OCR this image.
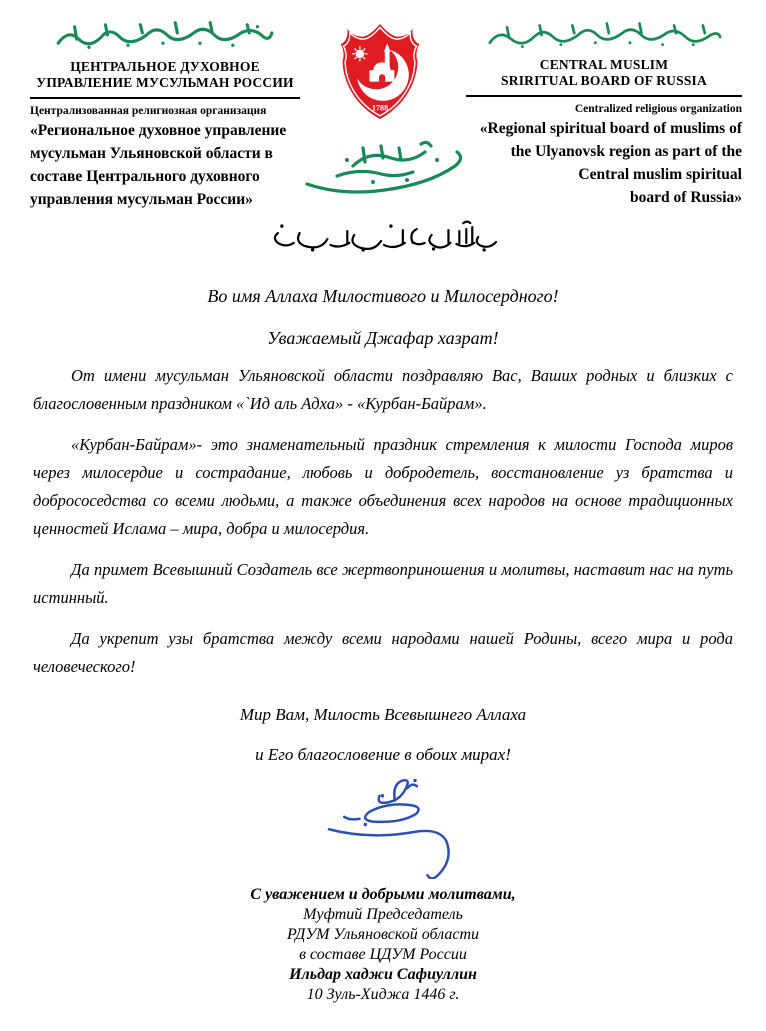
ЦЕНТРАЛЬНОЕ ДУХОВНОЕ
УПРАВЛЕНИЕ МУСУЛЬМАН РОССИИ
Централизованная религиозная организация
«Региональное духовное управление мусульман Ульяновской области в составе Центрального духовного управления мусульман России»
1788
CENTRAL MUSLIM
SRIRITUAL BOARD OF RUSSIA
Centralized religious organization
«Regional spiritual board of muslims of
the Ulyanovsk region as part of the
Central muslim spiritual
board of Russia»
Во имя Аллаха Милостивого и Милосердного!
Уважаемый Джафар хазрат!

От имени мусульман Ульяновской области поздравляю Вас, Ваших родных и близких с благословенным праздником «`Ид аль Адха» - «Курбан-Байрам».

«Курбан-Байрам»- это знаменательный праздник стремления к милости Господа миров через милосердие и сострадание, любовь и добродетель, восстановление уз братства и добрососедства со всеми людьми, а также объединения всех народов на основе традиционных ценностей Ислама – мира, добра и милосердия.

Да примет Всевышний Создатель все жертвоприношения и молитвы, наставит нас на путь истинный.

Да укрепит узы братства между всеми народами нашей Родины, всего мира и рода человеческого!

Мир Вам, Милость Всевышнего Аллаха
и Его благословение в обоих мирах!
С уважением и добрыми молитвами,
Муфтий Председатель
РДУМ Ульяновской области
в составе ЦДУМ России
Ильдар хаджи Сафиуллин
10 Зуль-Хиджа 1446 г.
